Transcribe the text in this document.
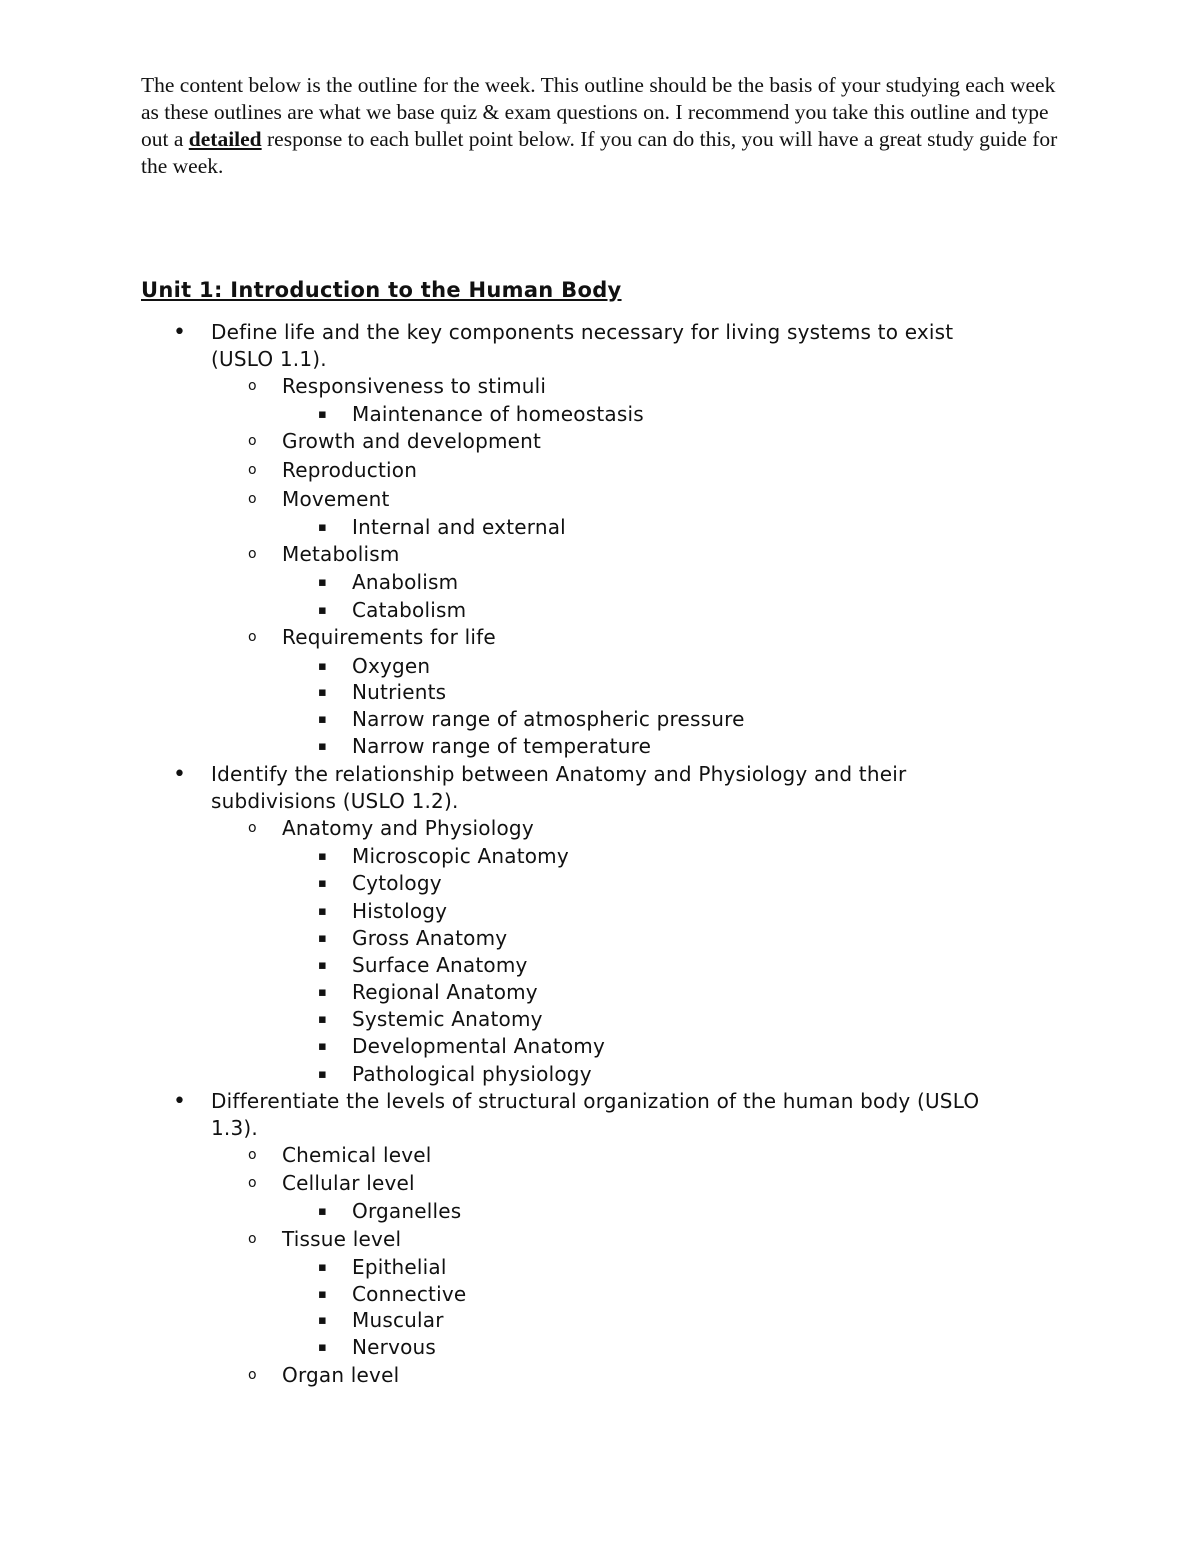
The content below is the outline for the week. This outline should be the basis of your studying each week as these outlines are what we base quiz & exam questions on. I recommend you take this outline and type out a detailed response to each bullet point below. If you can do this, you will have a great study guide for the week.

Unit 1: Introduction to the Human Body
• Define life and the key components necessary for living systems to exist
(USLO 1.1).
o Responsiveness to stimuli
▪ Maintenance of homeostasis
o Growth and development
o Reproduction
o Movement
▪ Internal and external
o Metabolism
▪ Anabolism
▪ Catabolism
o Requirements for life
▪ Oxygen
▪ Nutrients
▪ Narrow range of atmospheric pressure
▪ Narrow range of temperature
• Identify the relationship between Anatomy and Physiology and their
subdivisions (USLO 1.2).
o Anatomy and Physiology
▪ Microscopic Anatomy
▪ Cytology
▪ Histology
▪ Gross Anatomy
▪ Surface Anatomy
▪ Regional Anatomy
▪ Systemic Anatomy
▪ Developmental Anatomy
▪ Pathological physiology
• Differentiate the levels of structural organization of the human body (USLO
1.3).
o Chemical level
o Cellular level
▪ Organelles
o Tissue level
▪ Epithelial
▪ Connective
▪ Muscular
▪ Nervous
o Organ level
